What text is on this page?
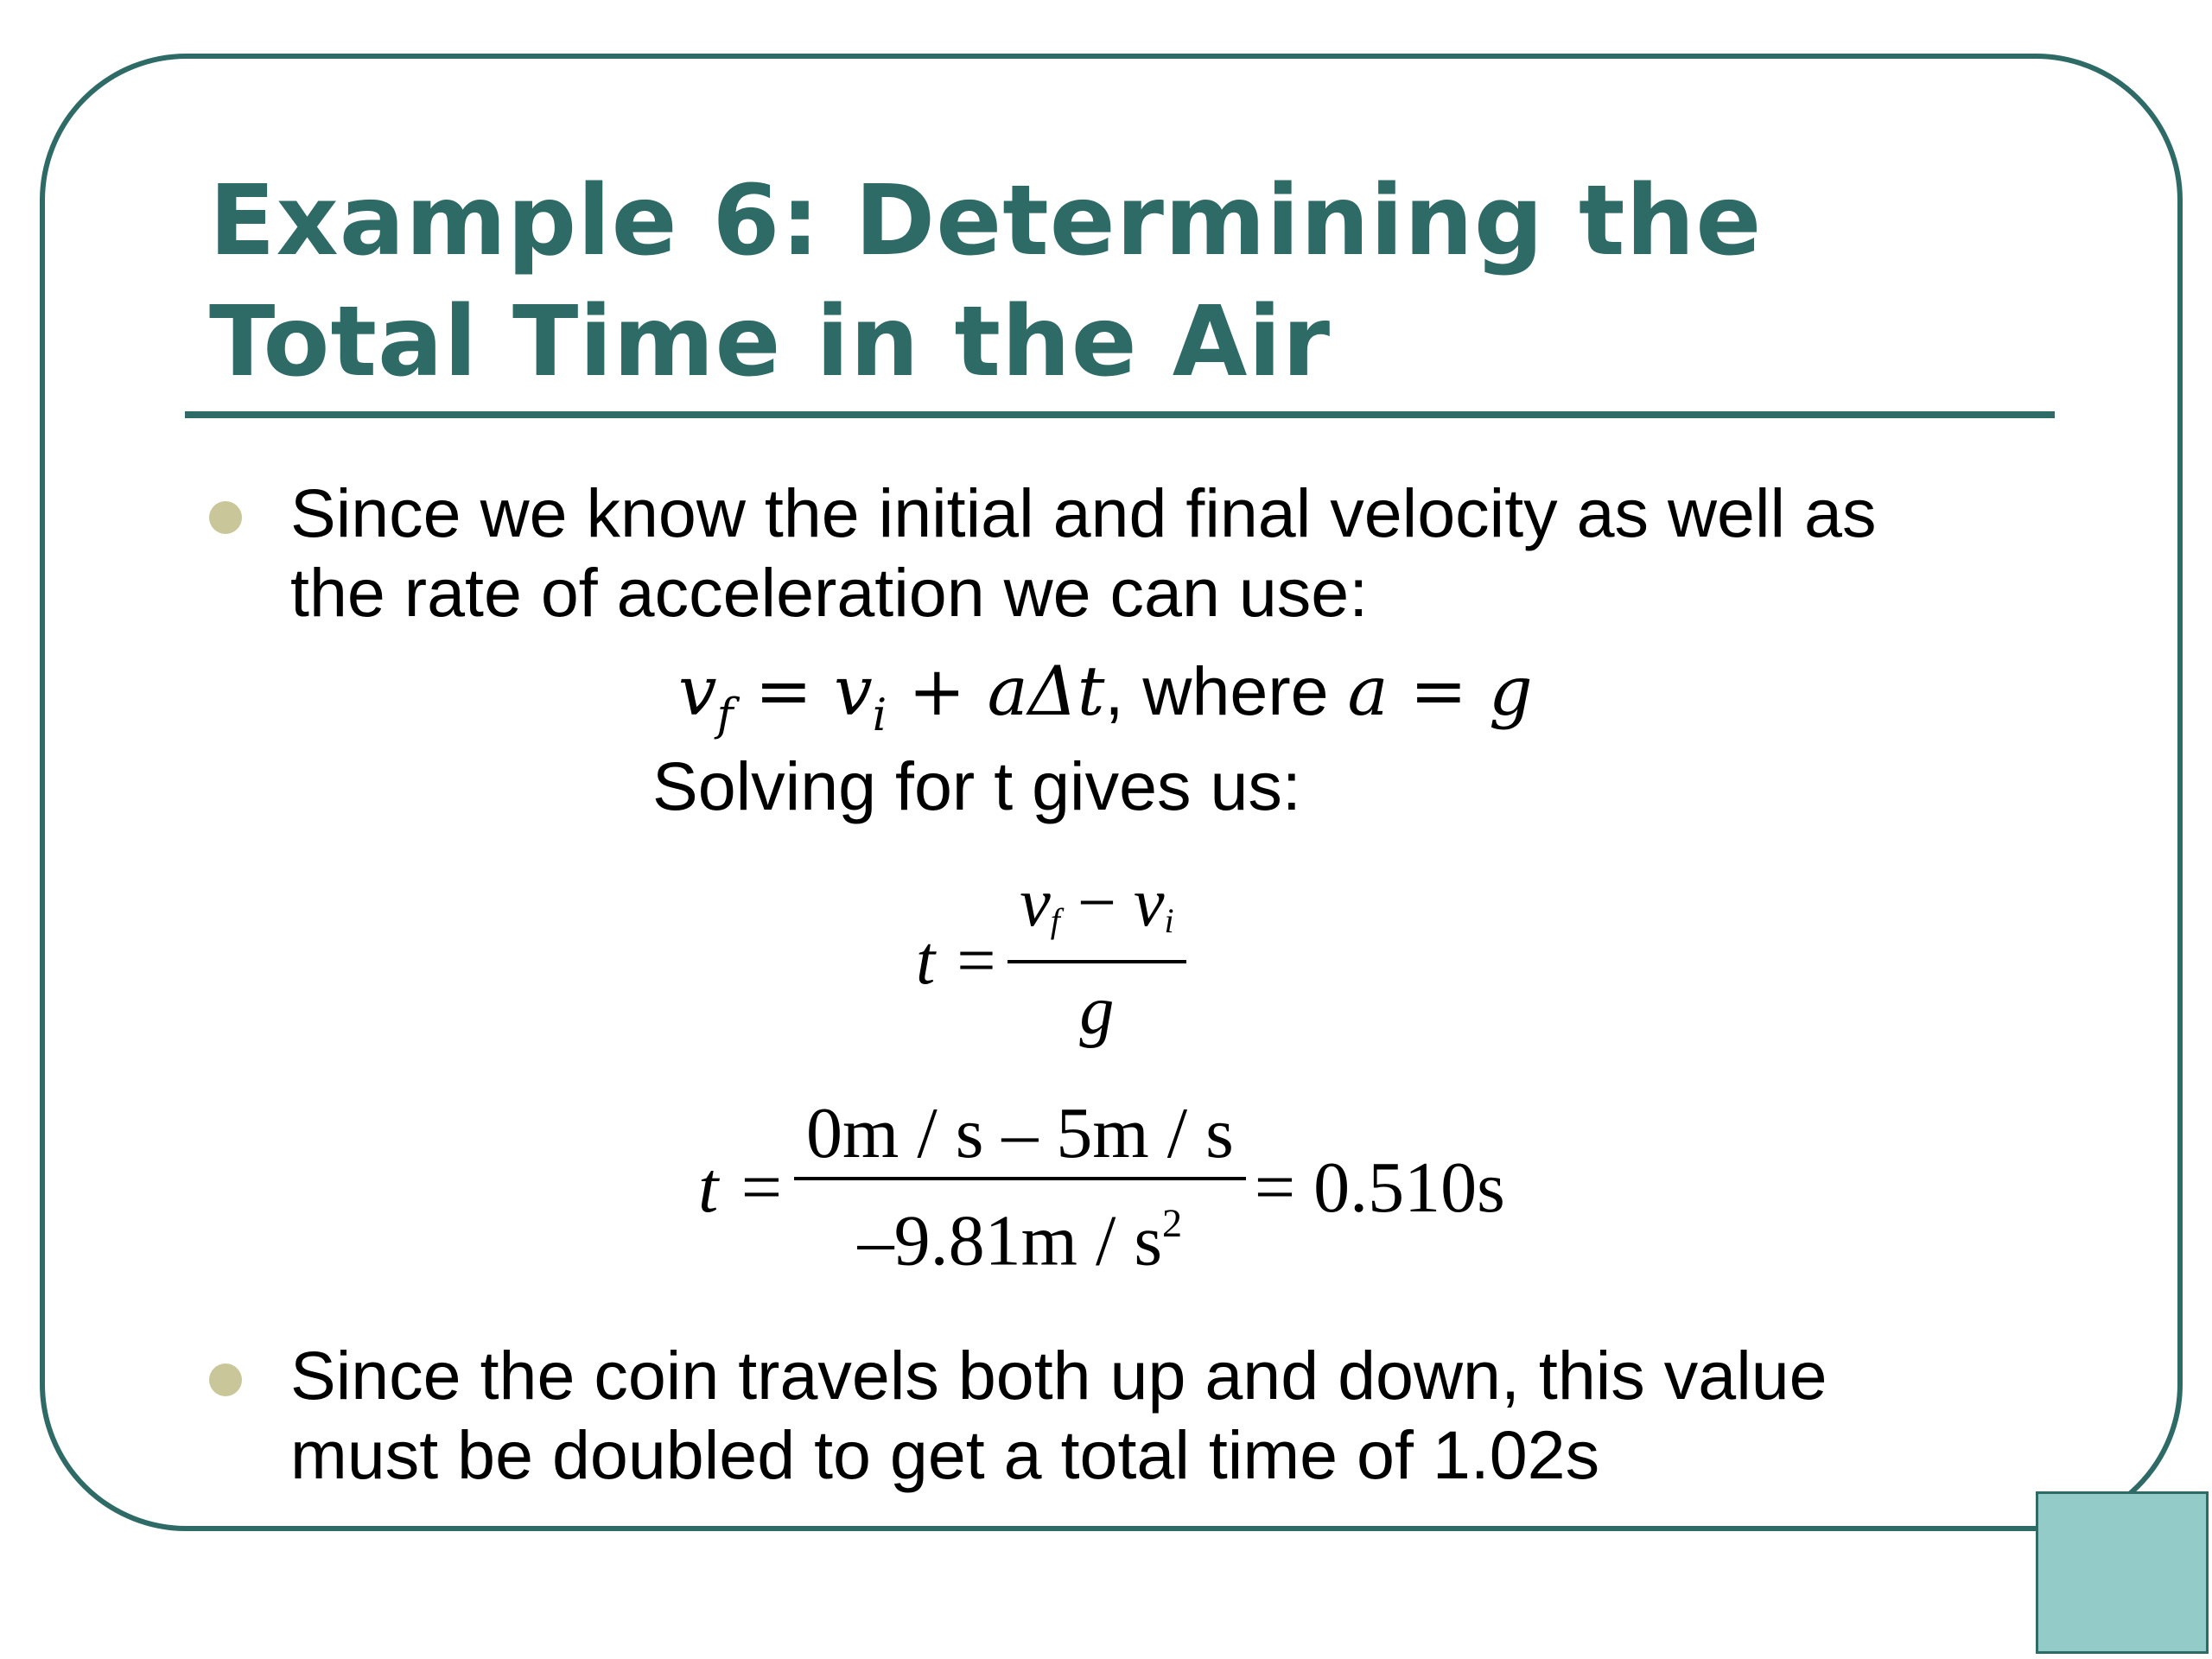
Example 6: Determining the
Total Time in the Air
Since we know the initial and final velocity as well as
the rate of acceleration we can use:
$v_f = v_i + a\Delta t$, where a = g
Solving for t gives us:
$t = \frac{v_f - v_i}{g}$
$t = \frac{0m / s - 5m / s}{-9.81m / s^2} = 0.510s$
Since the coin travels both up and down, this value
must be doubled to get a total time of 1.02s
